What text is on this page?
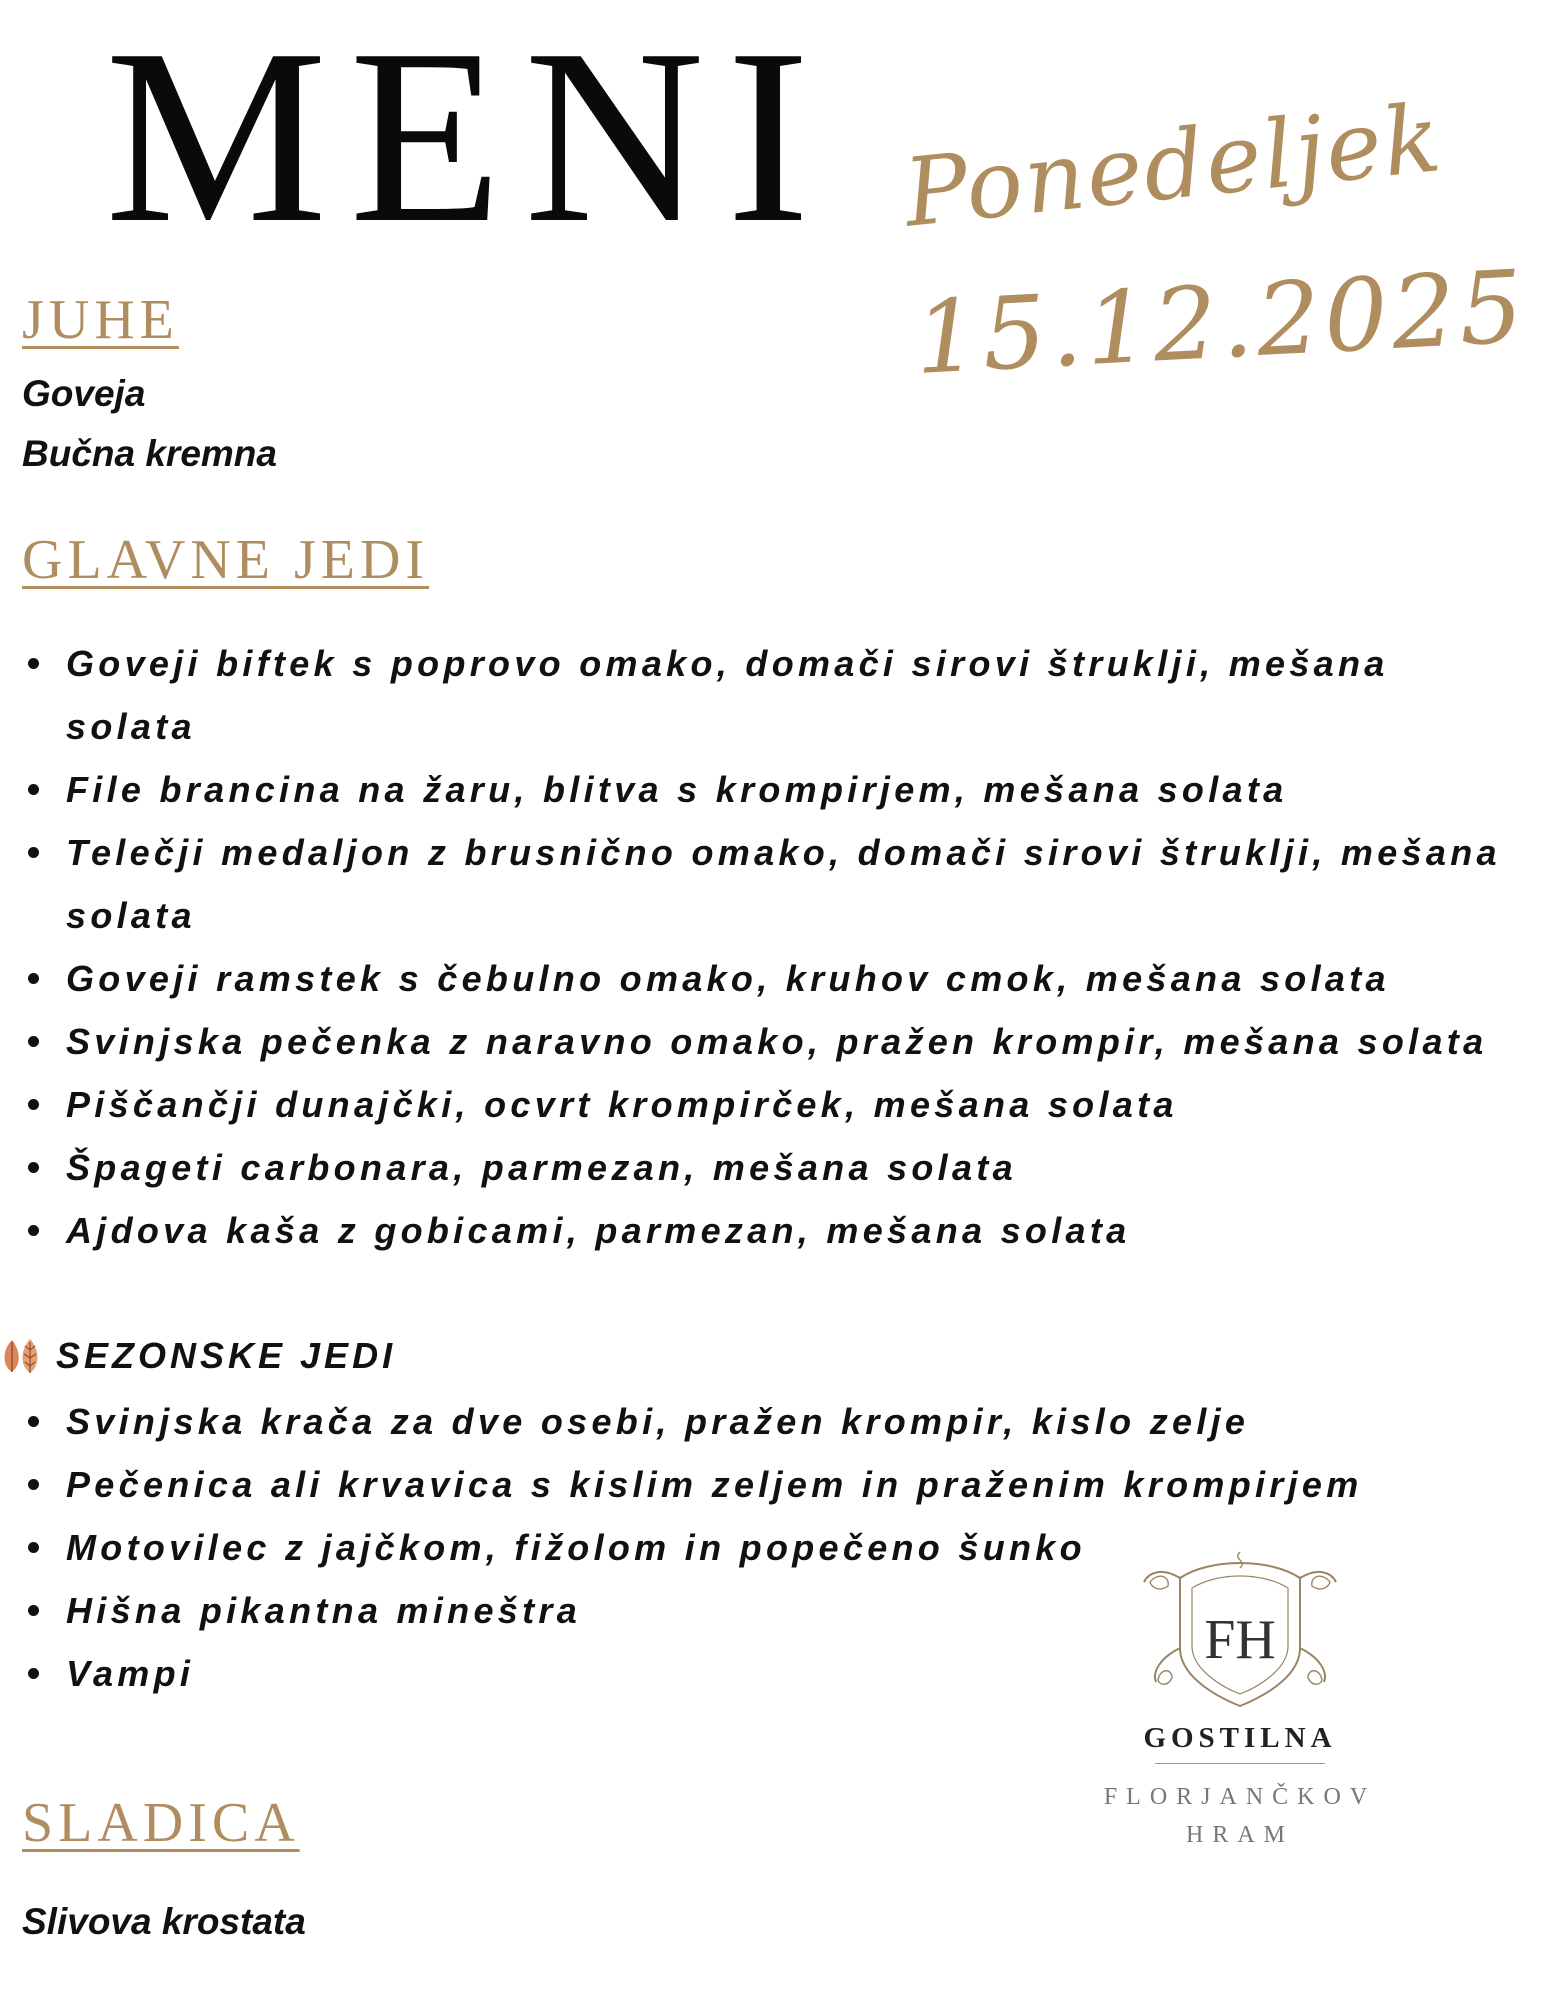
MENI Ponedeljek

15.12.2025

JUHE

Goveja

Bučna kremna

GLAVNE JEDI
Goveji biftek s poprovo omako, domači sirovi štruklji, mešana solata
File brancina na žaru, blitva s krompirjem, mešana solata
Telečji medaljon z brusnično omako, domači sirovi štruklji, mešana solata
Goveji ramstek s čebulno omako, kruhov cmok, mešana solata
Svinjska pečenka z naravno omako, pražen krompir, mešana solata
Piščančji dunajčki, ocvrt krompirček, mešana solata
Špageti carbonara, parmezan, mešana solata
Ajdova kaša z gobicami, parmezan, mešana solata
SEZONSKE JEDI
Svinjska krača za dve osebi, pražen krompir, kislo zelje
Pečenica ali krvavica s kislim zeljem in praženim krompirjem
Motovilec z jajčkom, fižolom in popečeno šunko
Hišna pikantna mineštra
Vampi
SLADICA

Slivova krostata

FH

GOSTILNA

FLORJANČKOV

HRAM
